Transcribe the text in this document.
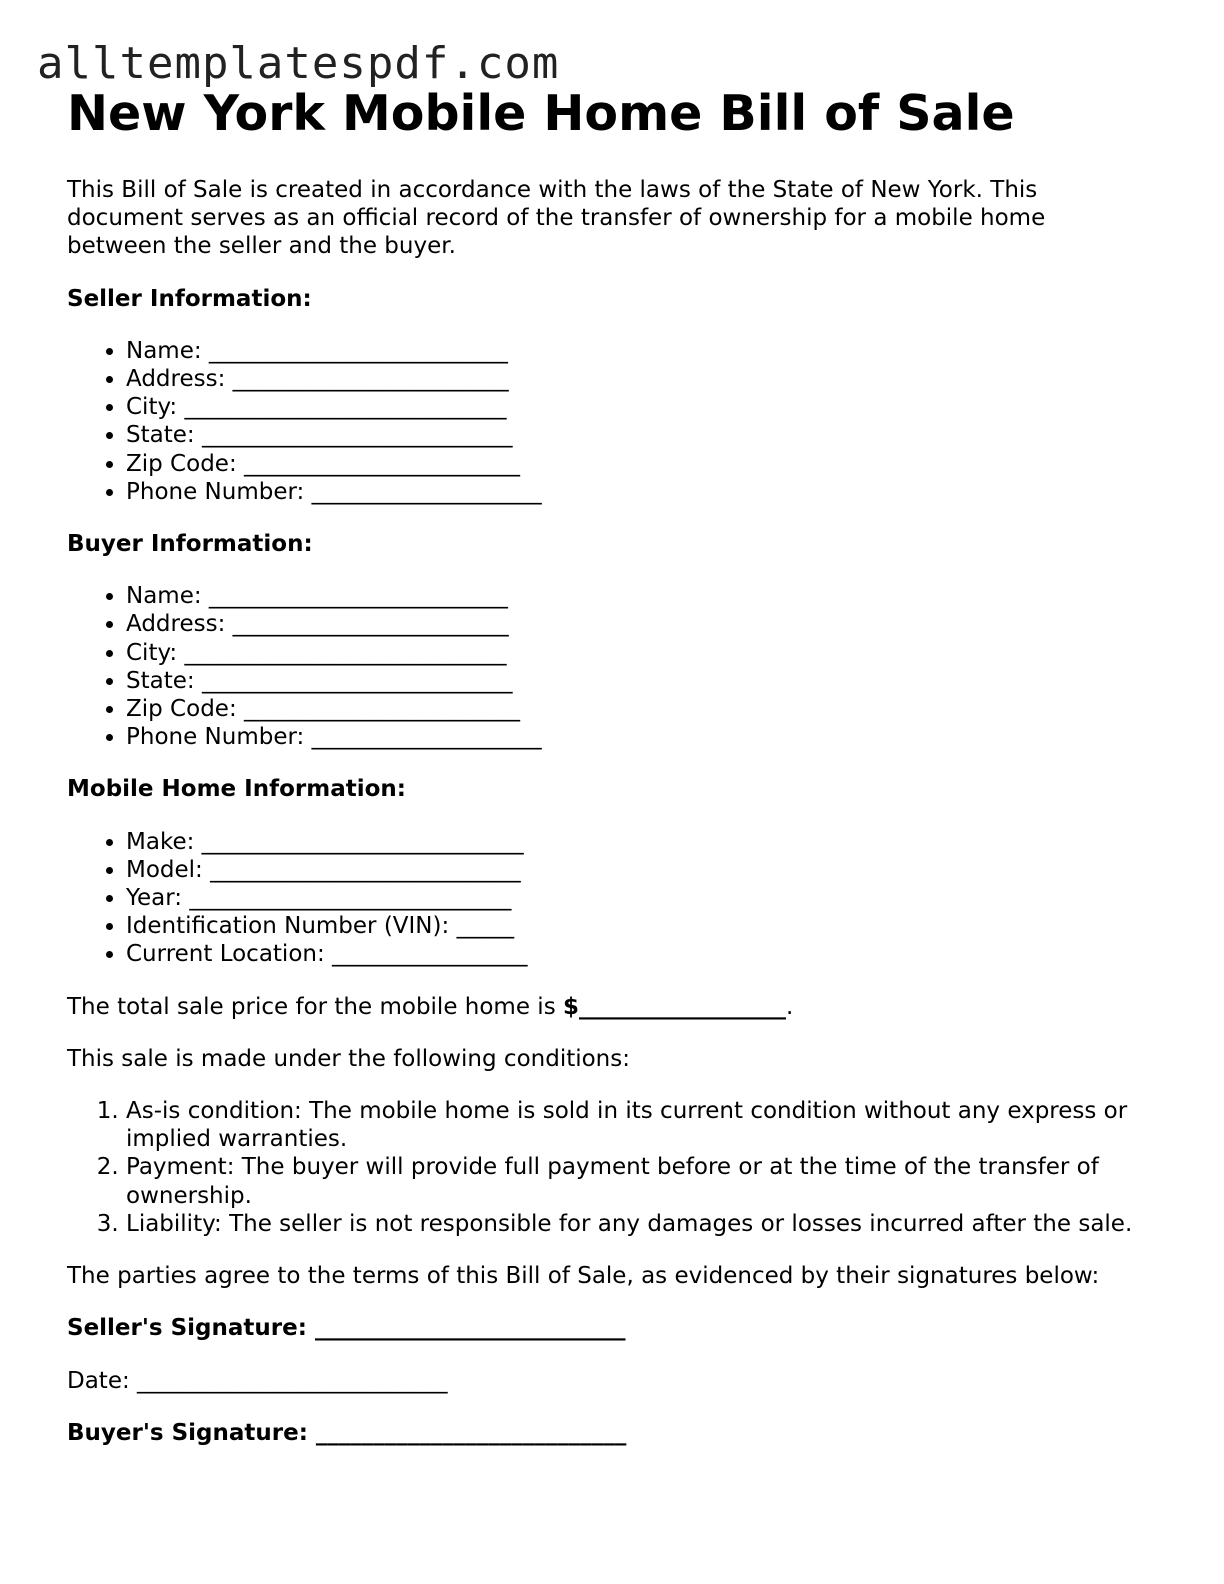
alltemplatespdf.com
New York Mobile Home Bill of Sale

This Bill of Sale is created in accordance with the laws of the State of New York. This document serves as an official record of the transfer of ownership for a mobile home between the seller and the buyer.

Seller Information:

• Name: __________________________
• Address: ________________________
• City: ____________________________
• State: ___________________________
• Zip Code: ________________________
• Phone Number: ____________________

Buyer Information:

• Name: __________________________
• Address: ________________________
• City: ____________________________
• State: ___________________________
• Zip Code: ________________________
• Phone Number: ____________________

Mobile Home Information:

• Make: ____________________________
• Model: ___________________________
• Year: ____________________________
• Identification Number (VIN): _____
• Current Location: _________________

The total sale price for the mobile home is $__________________.

This sale is made under the following conditions:

1. As-is condition: The mobile home is sold in its current condition without any express or implied warranties.
2. Payment: The buyer will provide full payment before or at the time of the transfer of ownership.
3. Liability: The seller is not responsible for any damages or losses incurred after the sale.

The parties agree to the terms of this Bill of Sale, as evidenced by their signatures below:

Seller's Signature: ___________________________

Date: ___________________________

Buyer's Signature: ___________________________
